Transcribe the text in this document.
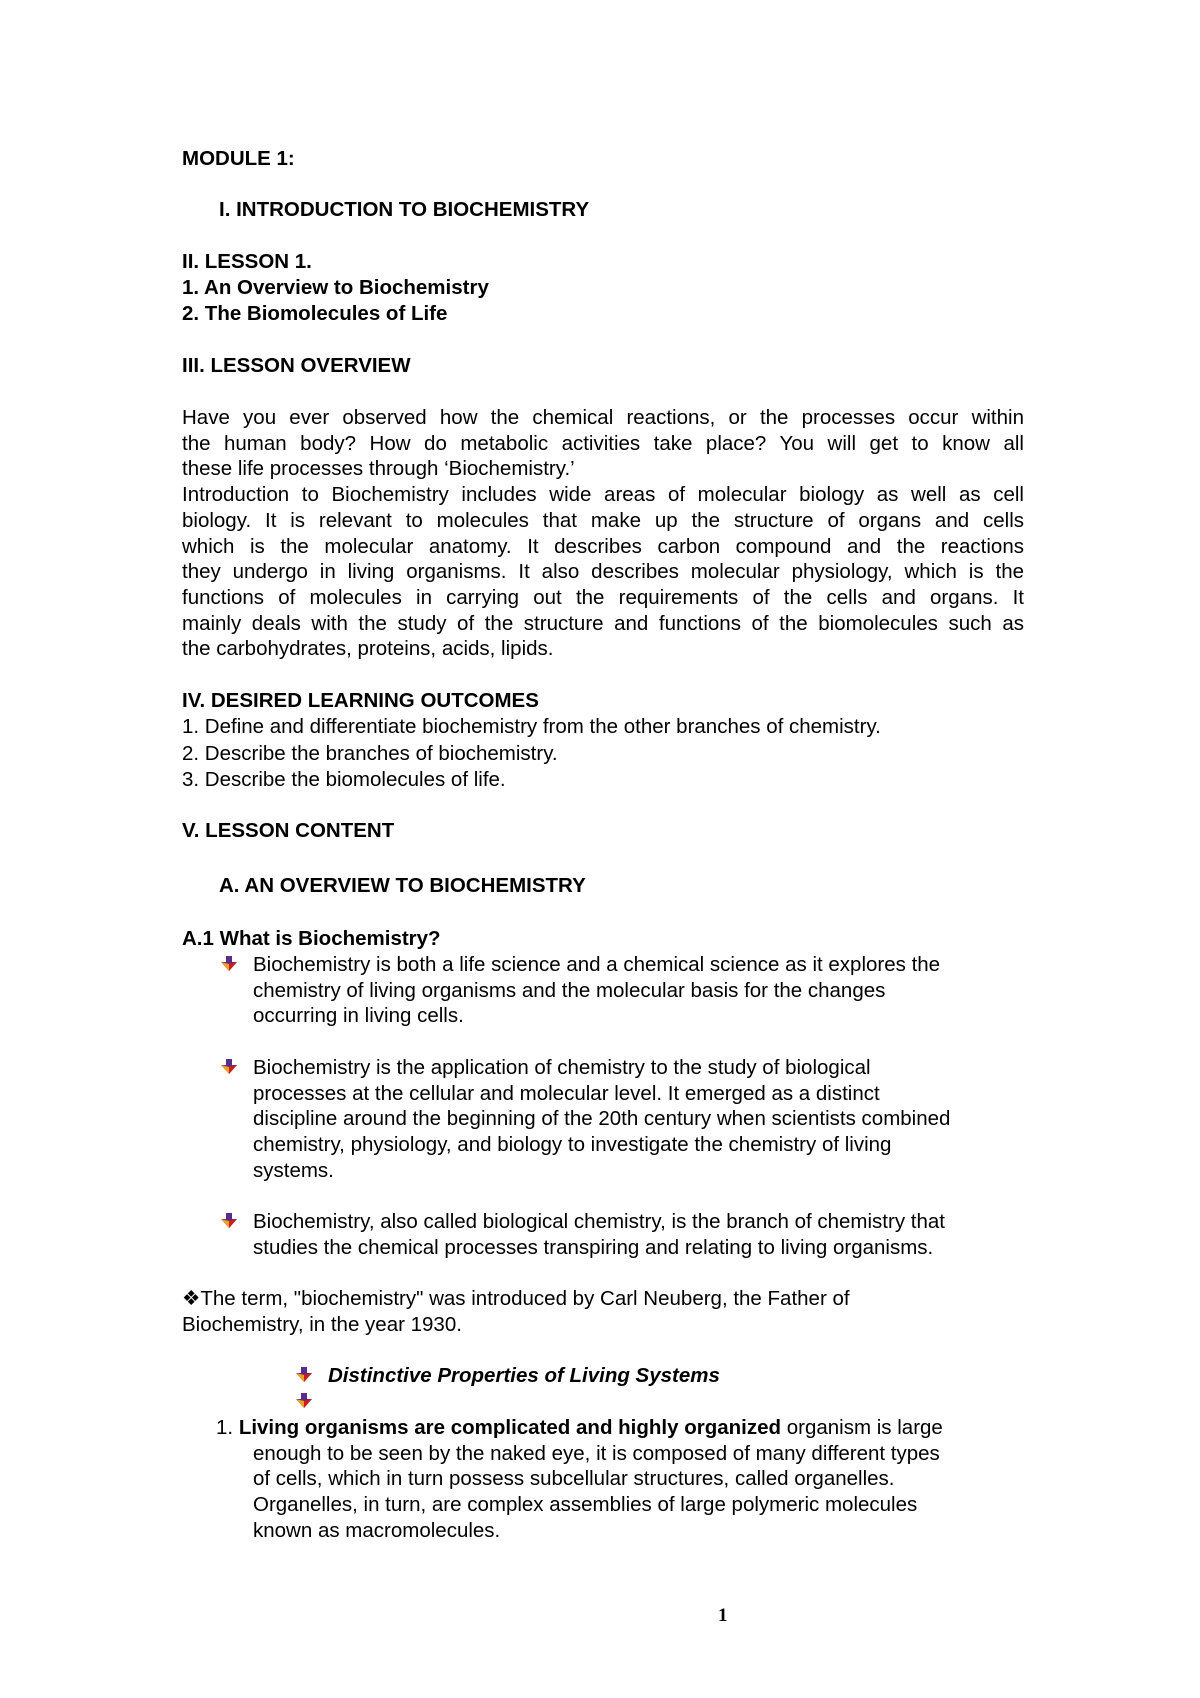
MODULE 1:
I. INTRODUCTION TO BIOCHEMISTRY
II. LESSON 1.
1. An Overview to Biochemistry
2. The Biomolecules of Life
III. LESSON OVERVIEW
Have you ever observed how the chemical reactions, or the processes occur within
the human body? How do metabolic activities take place? You will get to know all
these life processes through ‘Biochemistry.’
Introduction to Biochemistry includes wide areas of molecular biology as well as cell
biology. It is relevant to molecules that make up the structure of organs and cells
which is the molecular anatomy. It describes carbon compound and the reactions
they undergo in living organisms. It also describes molecular physiology, which is the
functions of molecules in carrying out the requirements of the cells and organs. It
mainly deals with the study of the structure and functions of the biomolecules such as
the carbohydrates, proteins, acids, lipids.
IV. DESIRED LEARNING OUTCOMES
1. Define and differentiate biochemistry from the other branches of chemistry.
2. Describe the branches of biochemistry.
3. Describe the biomolecules of life.
V. LESSON CONTENT
A. AN OVERVIEW TO BIOCHEMISTRY
A.1 What is Biochemistry?
Biochemistry is both a life science and a chemical science as it explores the
chemistry of living organisms and the molecular basis for the changes
occurring in living cells.
Biochemistry is the application of chemistry to the study of biological
processes at the cellular and molecular level. It emerged as a distinct
discipline around the beginning of the 20th century when scientists combined
chemistry, physiology, and biology to investigate the chemistry of living
systems.
Biochemistry, also called biological chemistry, is the branch of chemistry that
studies the chemical processes transpiring and relating to living organisms.
❖The term, "biochemistry" was introduced by Carl Neuberg, the Father of
Biochemistry, in the year 1930.
Distinctive Properties of Living Systems
1. Living organisms are complicated and highly organized organism is large
enough to be seen by the naked eye, it is composed of many different types
of cells, which in turn possess subcellular structures, called organelles.
Organelles, in turn, are complex assemblies of large polymeric molecules
known as macromolecules.
1
